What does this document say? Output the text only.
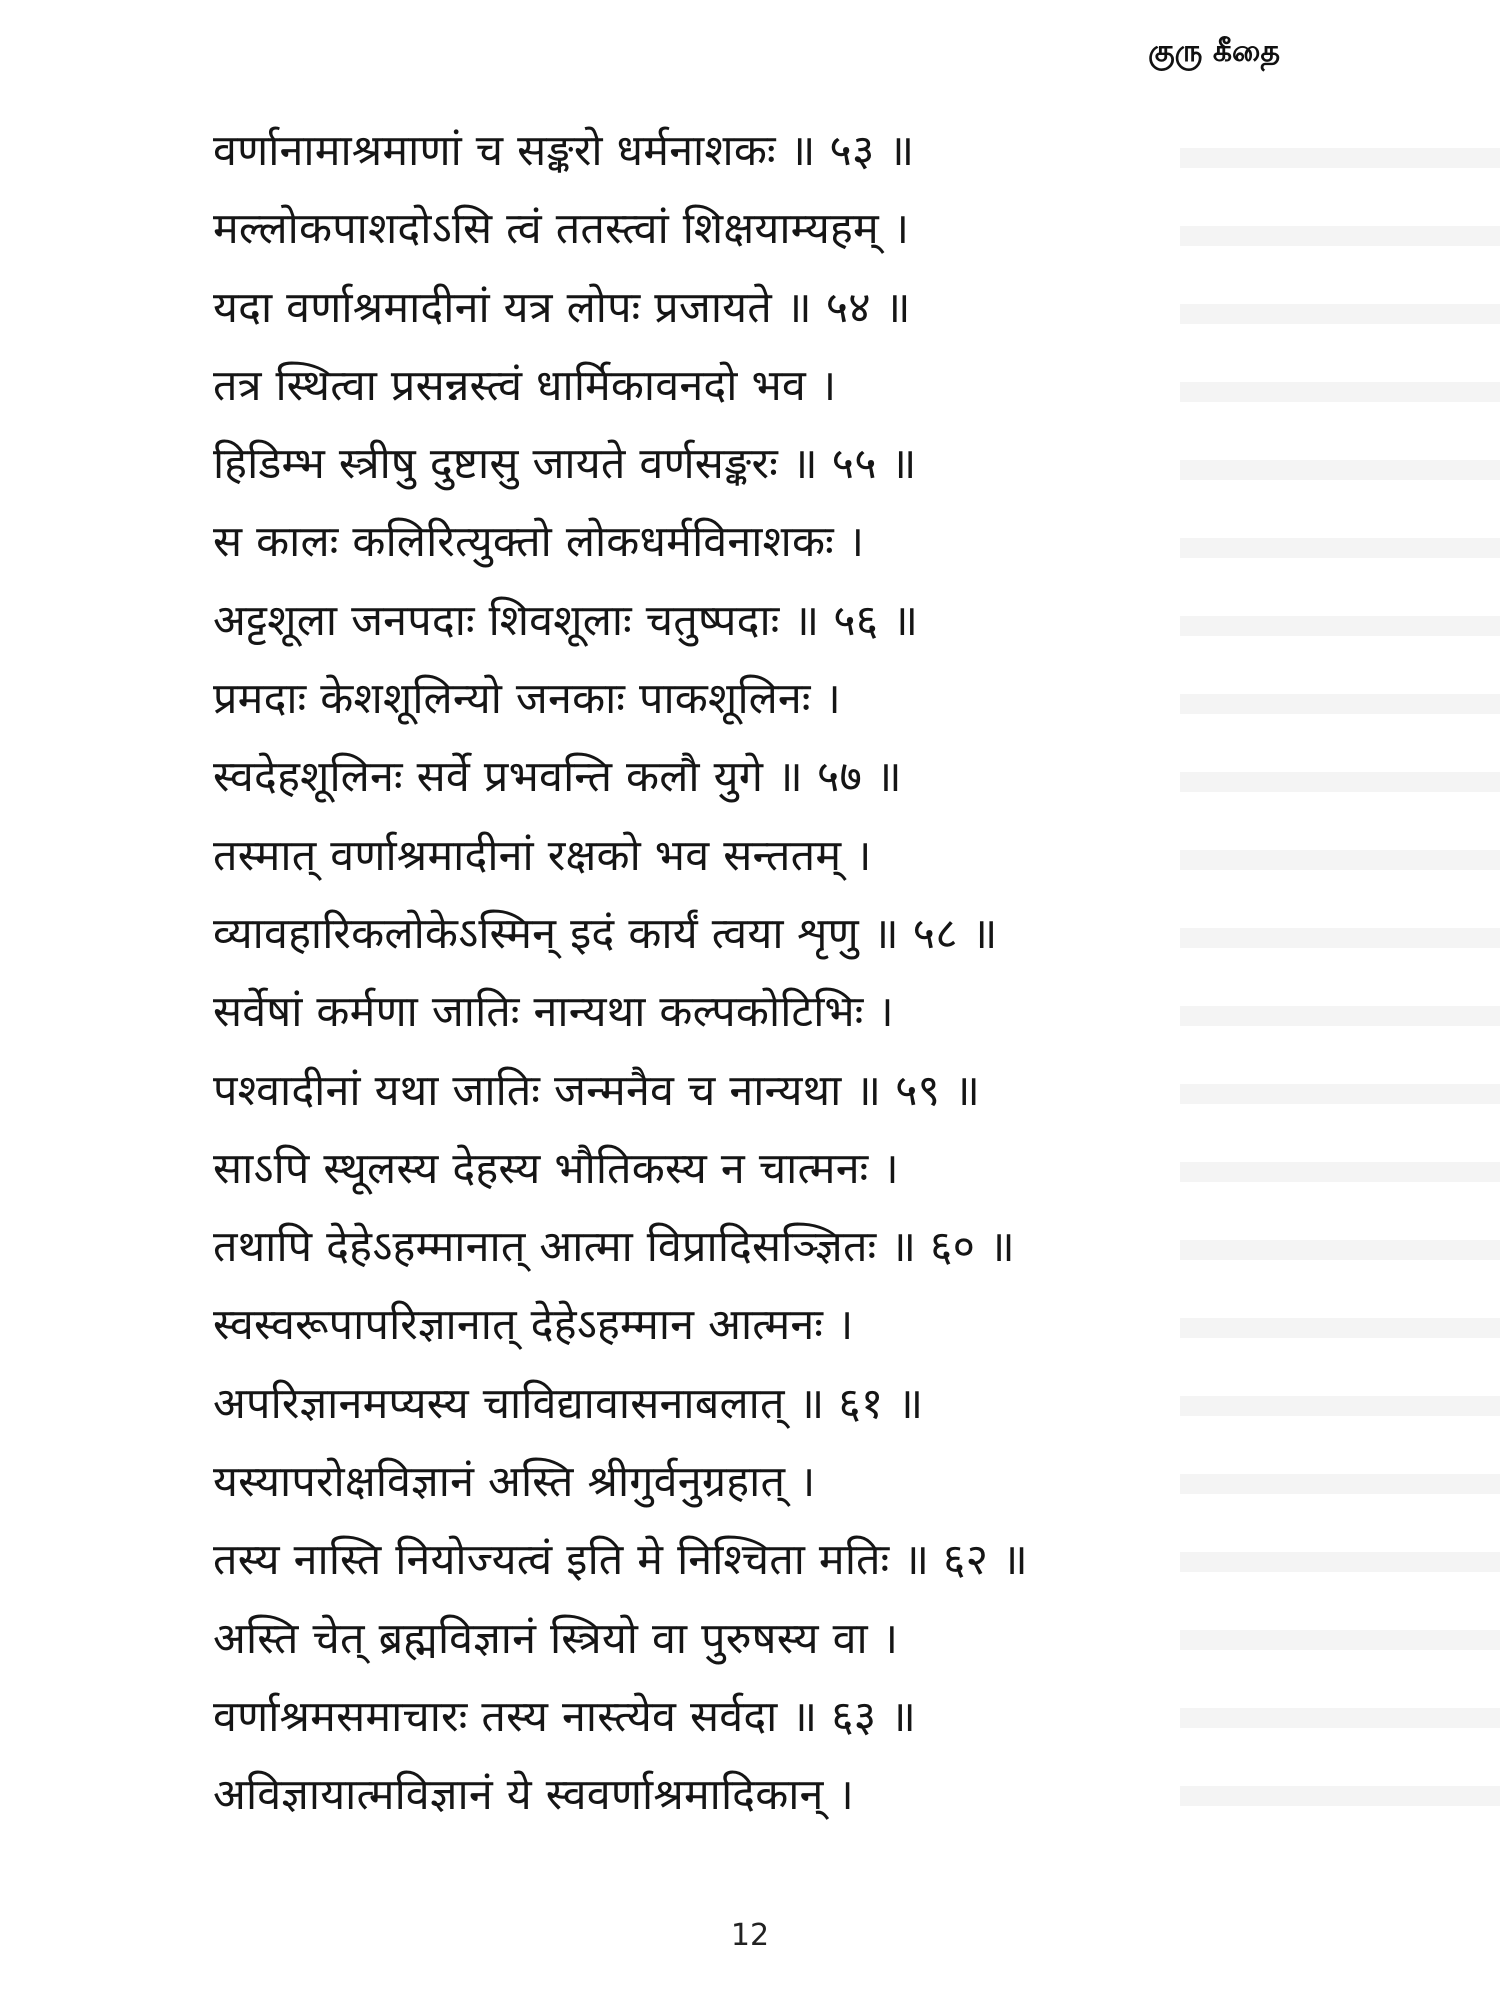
குரு கீதை
वर्णानामाश्रमाणां च सङ्करो धर्मनाशकः ॥ ५३ ॥
मल्लोकपाशदोऽसि त्वं ततस्त्वां शिक्षयाम्यहम् ।
यदा वर्णाश्रमादीनां यत्र लोपः प्रजायते ॥ ५४ ॥
तत्र स्थित्वा प्रसन्नस्त्वं धार्मिकावनदो भव ।
हिडिम्भ स्त्रीषु दुष्टासु जायते वर्णसङ्करः ॥ ५५ ॥
स कालः कलिरित्युक्तो लोकधर्मविनाशकः ।
अट्टशूला जनपदाः शिवशूलाः चतुष्पदाः ॥ ५६ ॥
प्रमदाः केशशूलिन्यो जनकाः पाकशूलिनः ।
स्वदेहशूलिनः सर्वे प्रभवन्ति कलौ युगे ॥ ५७ ॥
तस्मात् वर्णाश्रमादीनां रक्षको भव सन्ततम् ।
व्यावहारिकलोकेऽस्मिन् इदं कार्यं त्वया शृणु ॥ ५८ ॥
सर्वेषां कर्मणा जातिः नान्यथा कल्पकोटिभिः ।
पश्वादीनां यथा जातिः जन्मनैव च नान्यथा ॥ ५९ ॥
साऽपि स्थूलस्य देहस्य भौतिकस्य न चात्मनः ।
तथापि देहेऽहम्मानात् आत्मा विप्रादिसञ्ज्ञितः ॥ ६० ॥
स्वस्वरूपापरिज्ञानात् देहेऽहम्मान आत्मनः ।
अपरिज्ञानमप्यस्य चाविद्यावासनाबलात् ॥ ६१ ॥
यस्यापरोक्षविज्ञानं अस्ति श्रीगुर्वनुग्रहात् ।
तस्य नास्ति नियोज्यत्वं इति मे निश्चिता मतिः ॥ ६२ ॥
अस्ति चेत् ब्रह्मविज्ञानं स्त्रियो वा पुरुषस्य वा ।
वर्णाश्रमसमाचारः तस्य नास्त्येव सर्वदा ॥ ६३ ॥
अविज्ञायात्मविज्ञानं ये स्ववर्णाश्रमादिकान् ।
12
